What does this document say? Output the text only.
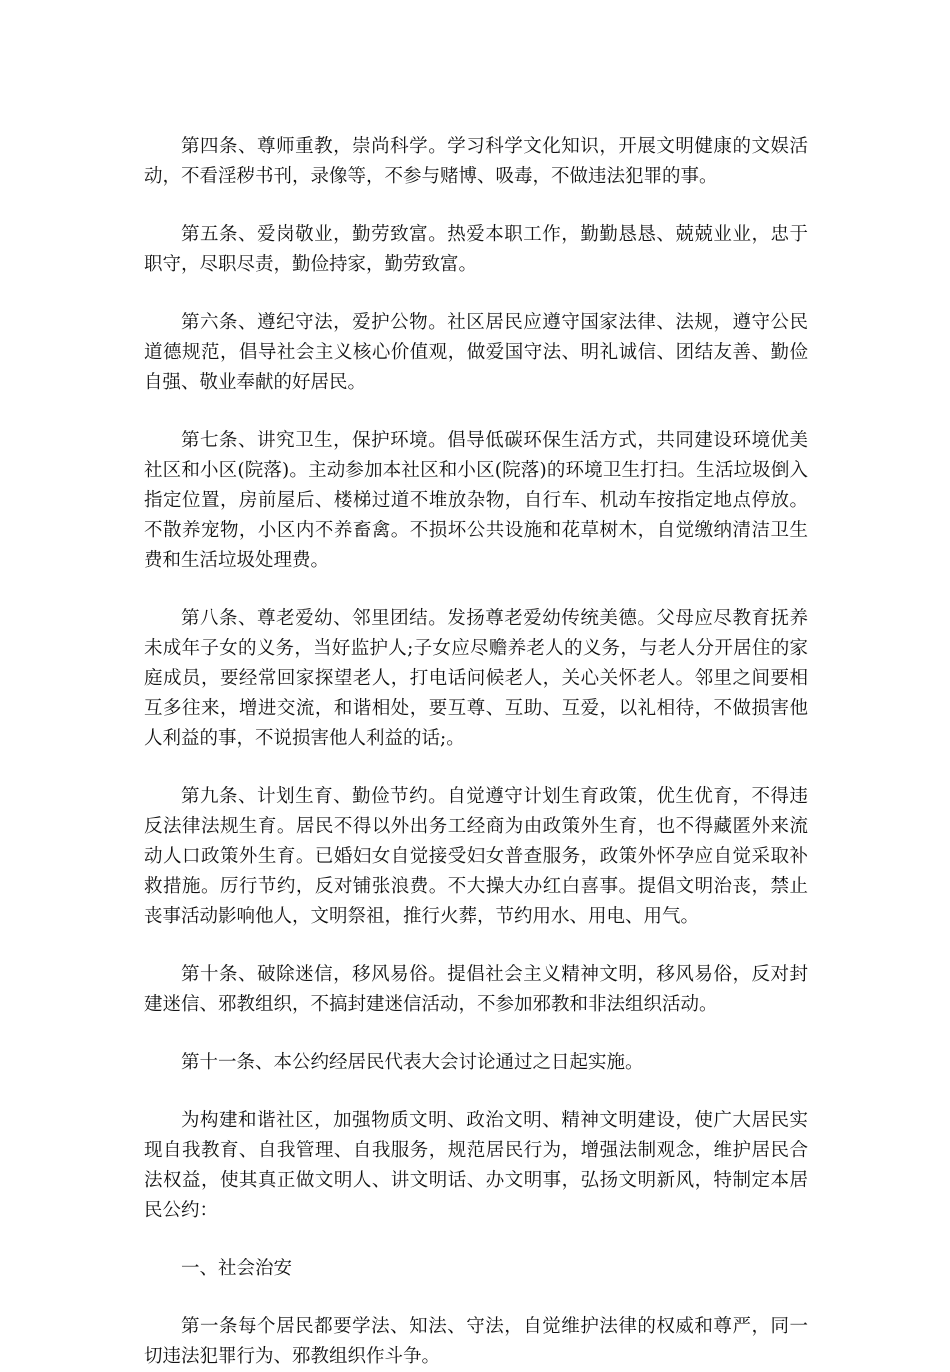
第四条、尊师重教，崇尚科学。学习科学文化知识，开展文明健康的文娱活动，不看淫秽书刊，录像等，不参与赌博、吸毒，不做违法犯罪的事。

第五条、爱岗敬业，勤劳致富。热爱本职工作，勤勤恳恳、兢兢业业，忠于职守，尽职尽责，勤俭持家，勤劳致富。

第六条、遵纪守法，爱护公物。社区居民应遵守国家法律、法规，遵守公民道德规范，倡导社会主义核心价值观，做爱国守法、明礼诚信、团结友善、勤俭自强、敬业奉献的好居民。

第七条、讲究卫生，保护环境。倡导低碳环保生活方式，共同建设环境优美社区和小区(院落)。主动参加本社区和小区(院落)的环境卫生打扫。生活垃圾倒入指定位置，房前屋后、楼梯过道不堆放杂物，自行车、机动车按指定地点停放。不散养宠物，小区内不养畜禽。不损坏公共设施和花草树木，自觉缴纳清洁卫生费和生活垃圾处理费。

第八条、尊老爱幼、邻里团结。发扬尊老爱幼传统美德。父母应尽教育抚养未成年子女的义务，当好监护人;子女应尽赡养老人的义务，与老人分开居住的家庭成员，要经常回家探望老人，打电话问候老人，关心关怀老人。邻里之间要相互多往来，增进交流，和谐相处，要互尊、互助、互爱，以礼相待，不做损害他人利益的事，不说损害他人利益的话;。

第九条、计划生育、勤俭节约。自觉遵守计划生育政策，优生优育，不得违反法律法规生育。居民不得以外出务工经商为由政策外生育，也不得藏匿外来流动人口政策外生育。已婚妇女自觉接受妇女普查服务，政策外怀孕应自觉采取补救措施。厉行节约，反对铺张浪费。不大操大办红白喜事。提倡文明治丧，禁止丧事活动影响他人，文明祭祖，推行火葬，节约用水、用电、用气。

第十条、破除迷信，移风易俗。提倡社会主义精神文明，移风易俗，反对封建迷信、邪教组织，不搞封建迷信活动，不参加邪教和非法组织活动。

第十一条、本公约经居民代表大会讨论通过之日起实施。

为构建和谐社区，加强物质文明、政治文明、精神文明建设，使广大居民实现自我教育、自我管理、自我服务，规范居民行为，增强法制观念，维护居民合法权益，使其真正做文明人、讲文明话、办文明事，弘扬文明新风，特制定本居民公约：

一、社会治安

第一条每个居民都要学法、知法、守法，自觉维护法律的权威和尊严，同一切违法犯罪行为、邪教组织作斗争。
